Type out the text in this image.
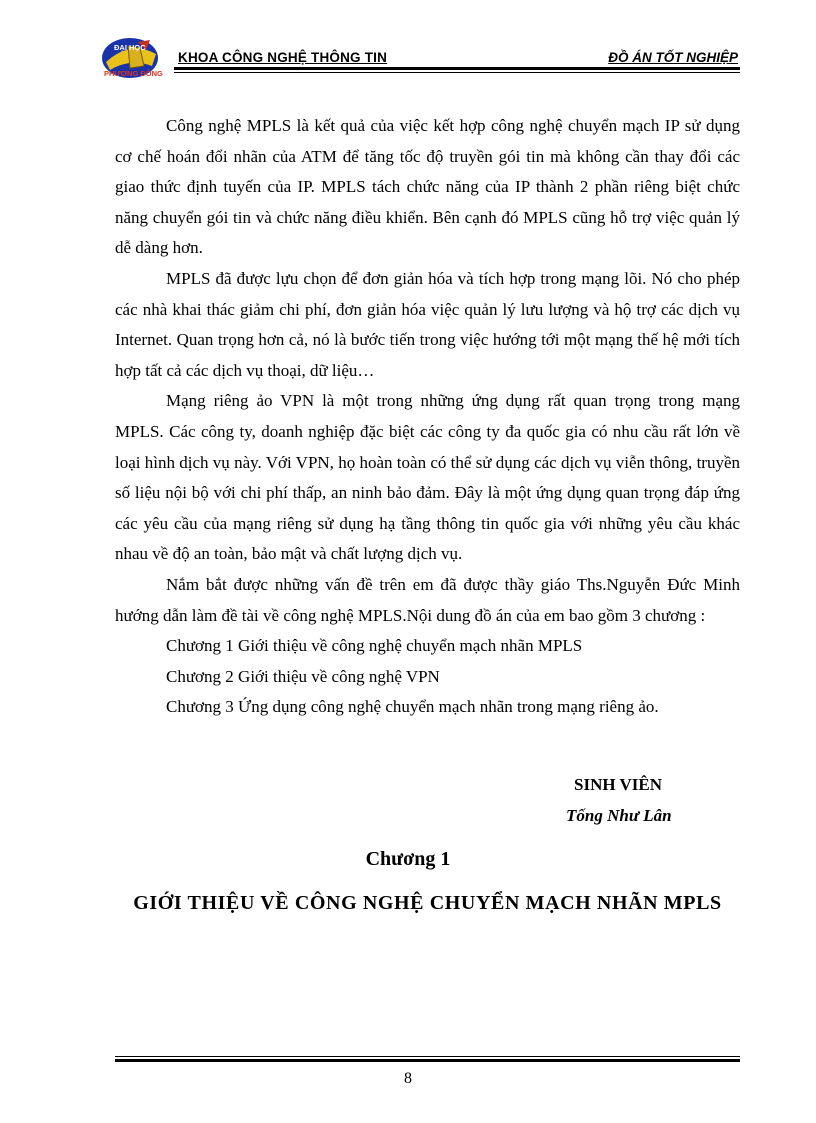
ĐẠI HỌC
PHƯƠNG ĐÔNG
KHOA CÔNG NGHỆ THÔNG TIN	ĐỒ ÁN TỐT NGHIỆP

Công nghệ MPLS là kết quả của việc kết hợp công nghệ chuyển mạch IP sử dụng cơ chế hoán đổi nhãn của ATM để tăng tốc độ truyền gói tin mà không cần thay đổi các giao thức định tuyến của IP. MPLS tách chức năng của IP thành 2 phần riêng biệt chức năng chuyển gói tin và chức năng điều khiển. Bên cạnh đó MPLS cũng hỗ trợ việc quản lý dễ dàng hơn.

MPLS đã được lựu chọn để đơn giản hóa và tích hợp trong mạng lõi. Nó cho phép các nhà khai thác giảm chi phí, đơn giản hóa việc quản lý lưu lượng và hộ trợ các dịch vụ Internet. Quan trọng hơn cả, nó là bước tiến trong việc hướng tới một mạng thế hệ mới tích hợp tất cả các dịch vụ thoại, dữ liệu…

Mạng riêng ảo VPN là một trong những ứng dụng rất quan trọng trong mạng MPLS. Các công ty, doanh nghiệp đặc biệt các công ty đa quốc gia có nhu cầu rất lớn về loại hình dịch vụ này. Với VPN, họ hoàn toàn có thể sử dụng các dịch vụ viễn thông, truyền số liệu nội bộ với chi phí thấp, an ninh bảo đảm. Đây là một ứng dụng quan trọng đáp ứng các yêu cầu của mạng riêng sử dụng hạ tầng thông tin quốc gia với những yêu cầu khác nhau về độ an toàn, bảo mật và chất lượng dịch vụ.

Nắm bắt được những vấn đề trên em đã được thầy giáo Ths.Nguyễn Đức Minh hướng dẫn làm đề tài về công nghệ MPLS.Nội dung đồ án của em bao gồm 3 chương :

Chương 1 Giới thiệu về công nghệ chuyển mạch nhãn MPLS
Chương 2 Giới thiệu về công nghệ VPN
Chương 3 Ứng dụng công nghệ chuyển mạch nhãn trong mạng riêng ảo.
SINH VIÊN
Tống Như Lân
Chương 1
GIỚI THIỆU VỀ CÔNG NGHỆ CHUYỂN MẠCH NHÃN MPLS
8
